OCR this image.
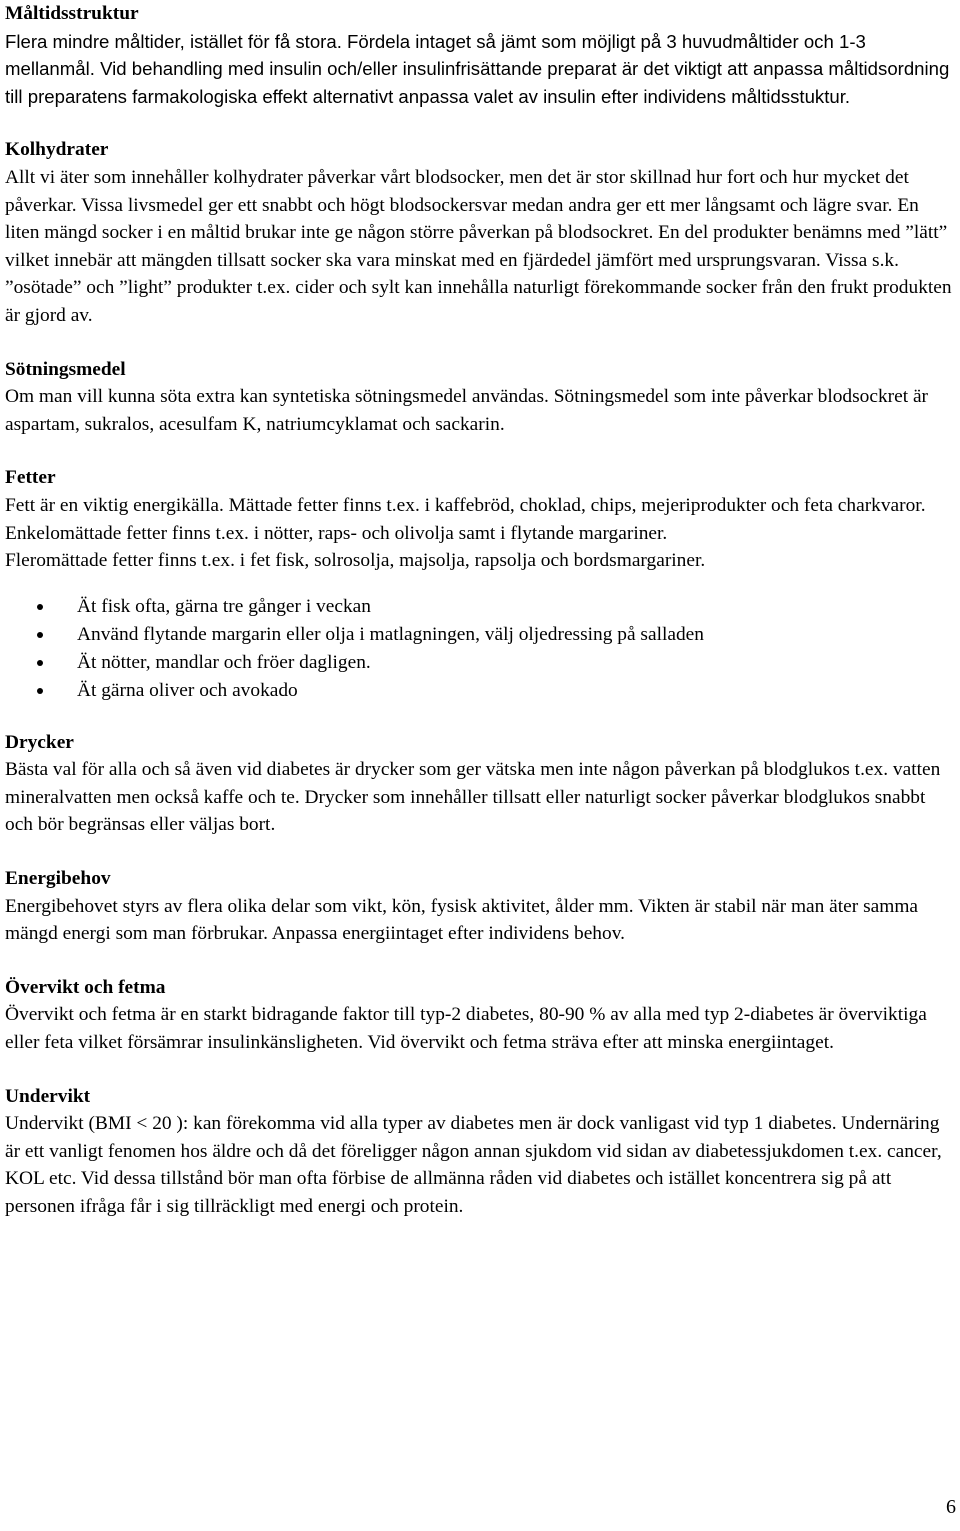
Måltidsstruktur

Flera mindre måltider, istället för få stora. Fördela intaget så jämt som möjligt på 3 huvudmåltider och 1-3 mellanmål. Vid behandling med insulin och/eller insulinfrisättande preparat är det viktigt att anpassa måltidsordning till preparatens farmakologiska effekt alternativt anpassa valet av insulin efter individens måltidsstuktur.

Kolhydrater

Allt vi äter som innehåller kolhydrater påverkar vårt blodsocker, men det är stor skillnad hur fort och hur mycket det påverkar. Vissa livsmedel ger ett snabbt och högt blodsockersvar medan andra ger ett mer långsamt och lägre svar. En liten mängd socker i en måltid brukar inte ge någon större påverkan på blodsockret. En del produkter benämns med ”lätt” vilket innebär att mängden tillsatt socker ska vara minskat med en fjärdedel jämfört med ursprungsvaran. Vissa s.k. ”osötade” och ”light” produkter t.ex. cider och sylt kan innehålla naturligt förekommande socker från den frukt produkten är gjord av.

Sötningsmedel

Om man vill kunna söta extra kan syntetiska sötningsmedel användas. Sötningsmedel som inte påverkar blodsockret är aspartam, sukralos, acesulfam K, natriumcyklamat och sackarin.

Fetter

Fett är en viktig energikälla. Mättade fetter finns t.ex. i kaffebröd, choklad, chips, mejeriprodukter och feta charkvaror.

Enkelomättade fetter finns t.ex. i nötter, raps- och olivolja samt i flytande margariner.

Fleromättade fetter finns t.ex. i fet fisk, solrosolja, majsolja, rapsolja och bordsmargariner.

Ät fisk ofta, gärna tre gånger i veckan
Använd flytande margarin eller olja i matlagningen, välj oljedressing på salladen
Ät nötter, mandlar och fröer dagligen.
Ät gärna oliver och avokado
Drycker

Bästa val för alla och så även vid diabetes är drycker som ger vätska men inte någon påverkan på blodglukos t.ex. vatten mineralvatten men också kaffe och te. Drycker som innehåller tillsatt eller naturligt socker påverkar blodglukos snabbt och bör begränsas eller väljas bort.

Energibehov

Energibehovet styrs av flera olika delar som vikt, kön, fysisk aktivitet, ålder mm. Vikten är stabil när man äter samma mängd energi som man förbrukar. Anpassa energiintaget efter individens behov.

Övervikt och fetma

Övervikt och fetma är en starkt bidragande faktor till typ-2 diabetes, 80-90 % av alla med typ 2-diabetes är överviktiga eller feta vilket försämrar insulinkänsligheten. Vid övervikt och fetma sträva efter att minska energiintaget.

Undervikt

Undervikt (BMI < 20 ): kan förekomma vid alla typer av diabetes men är dock vanligast vid typ 1 diabetes. Undernäring är ett vanligt fenomen hos äldre och då det föreligger någon annan sjukdom vid sidan av diabetessjukdomen t.ex. cancer, KOL etc. Vid dessa tillstånd bör man ofta förbise de allmänna råden vid diabetes och istället koncentrera sig på att personen ifråga får i sig tillräckligt med energi och protein.

6
